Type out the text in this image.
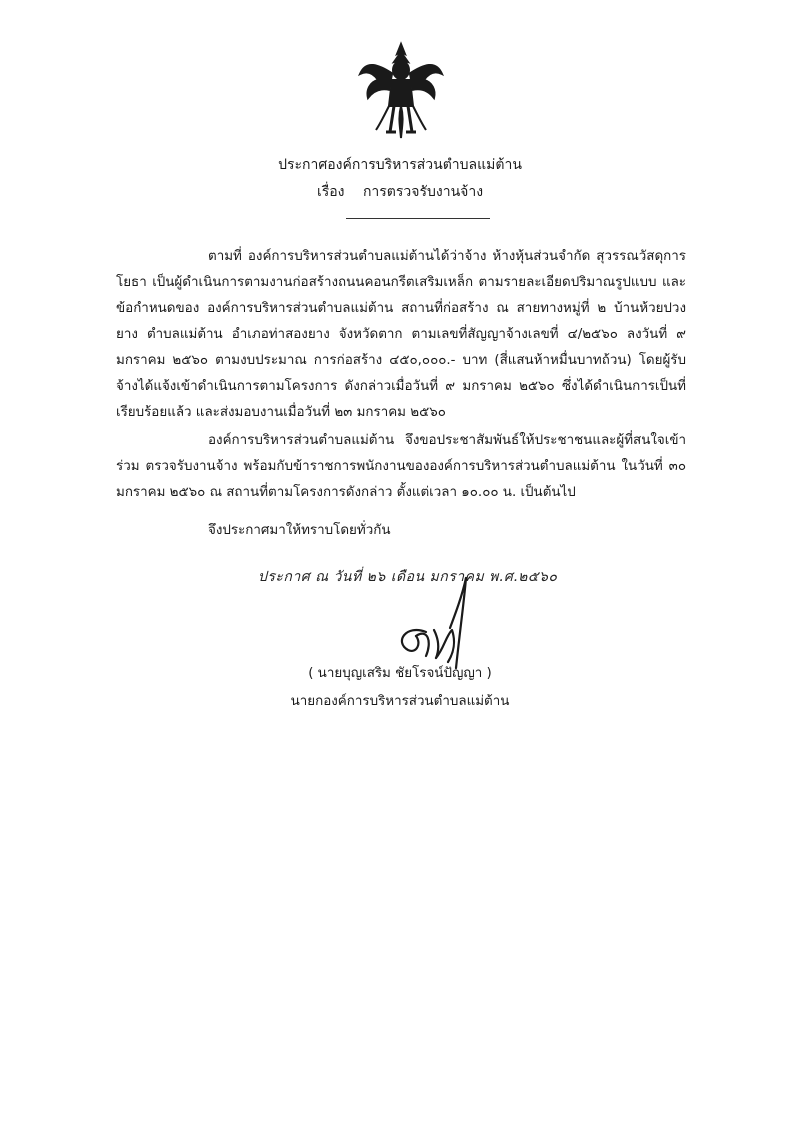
ประกาศองค์การบริหารส่วนตำบลแม่ต้าน
เรื่อง การตรวจรับงานจ้าง

ตามที่ องค์การบริหารส่วนตำบลแม่ต้านได้ว่าจ้าง ห้างหุ้นส่วนจำกัด สุวรรณวัสดุการโยธา เป็นผู้ดำเนินการตามงานก่อสร้างถนนคอนกรีตเสริมเหล็ก ตามรายละเอียดปริมาณรูปแบบ และข้อกำหนดของ องค์การบริหารส่วนตำบลแม่ต้าน สถานที่ก่อสร้าง ณ สายทางหมู่ที่ ๒ บ้านห้วยปวงยาง ตำบลแม่ต้าน อำเภอท่าสองยาง จังหวัดตาก ตามเลขที่สัญญาจ้างเลขที่ ๔/๒๕๖๐ ลงวันที่ ๙ มกราคม ๒๕๖๐ ตามงบประมาณ การก่อสร้าง ๔๕๐,๐๐๐.- บาท (สี่แสนห้าหมื่นบาทถ้วน) โดยผู้รับจ้างได้แจ้งเข้าดำเนินการตามโครงการ ดังกล่าวเมื่อวันที่ ๙ มกราคม ๒๕๖๐ ซึ่งได้ดำเนินการเป็นที่เรียบร้อยแล้ว และส่งมอบงานเมื่อวันที่ ๒๓ มกราคม ๒๕๖๐

องค์การบริหารส่วนตำบลแม่ต้าน จึงขอประชาสัมพันธ์ให้ประชาชนและผู้ที่สนใจเข้าร่วม ตรวจรับงานจ้าง พร้อมกับข้าราชการพนักงานขององค์การบริหารส่วนตำบลแม่ต้าน ในวันที่ ๓๐ มกราคม ๒๕๖๐ ณ สถานที่ตามโครงการดังกล่าว ตั้งแต่เวลา ๑๐.๐๐ น. เป็นต้นไป

จึงประกาศมาให้ทราบโดยทั่วกัน

ประกาศ ณ วันที่ ๒๖ เดือน มกราคม พ.ศ.๒๕๖๐
( นายบุญเสริม ชัยโรจน์ปัญญา )
นายกองค์การบริหารส่วนตำบลแม่ต้าน
